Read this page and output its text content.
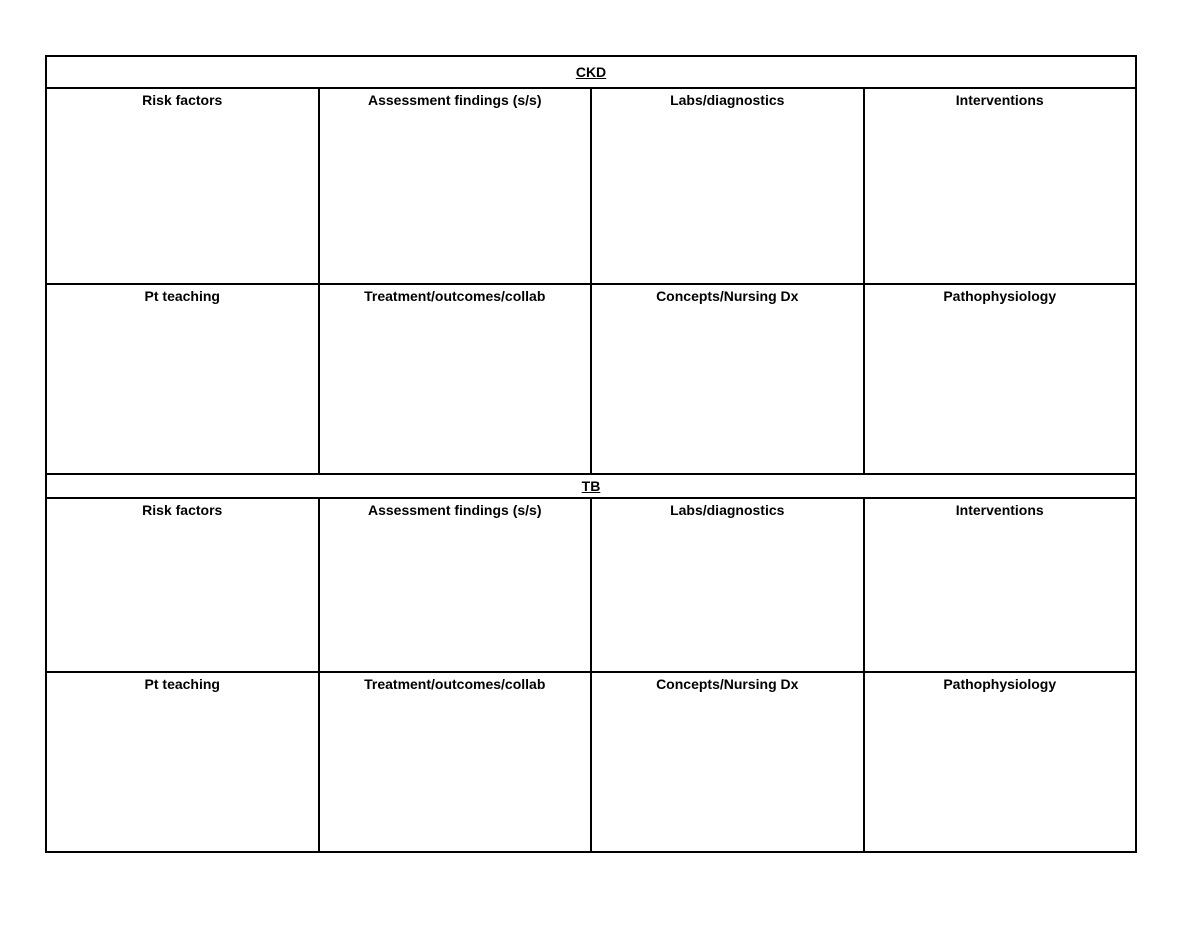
CKD			
Risk factors	Assessment findings (s/s)	Labs/diagnostics	Interventions
Pt teaching	Treatment/outcomes/collab	Concepts/Nursing Dx	Pathophysiology
TB			
Risk factors	Assessment findings (s/s)	Labs/diagnostics	Interventions
Pt teaching	Treatment/outcomes/collab	Concepts/Nursing Dx	Pathophysiology
